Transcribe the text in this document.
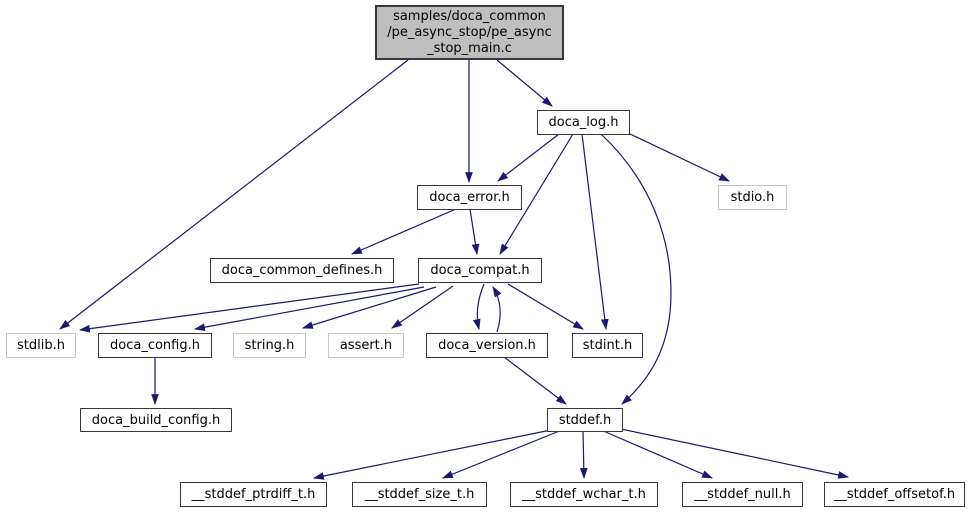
samples/doca_common
/pe_async_stop/pe_async
_stop_main.c
doca_log.h
doca_error.h	stdio.h
doca_common_defines.h	doca_compat.h
stdlib.h	doca_config.h	string.h	assert.h	doca_version.h	stdint.h
doca_build_config.h	stddef.h
__stddef_ptrdiff_t.h	__stddef_size_t.h	__stddef_wchar_t.h	__stddef_null.h	__stddef_offsetof.h
